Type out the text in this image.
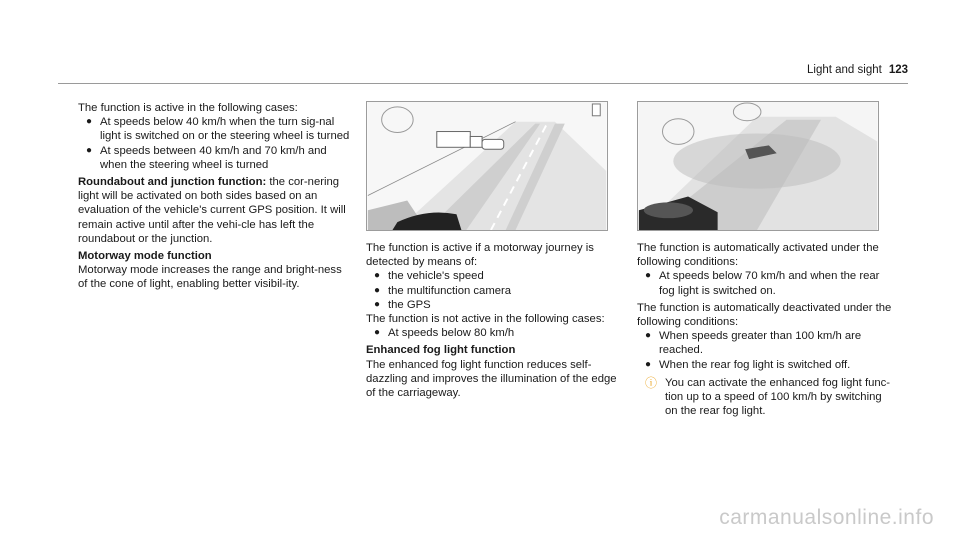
Light and sight 123

The function is active in the following cases:

● At speeds below 40 km/h when the turn sig-nal light is switched on or the steering wheel is turned
● At speeds between 40 km/h and 70 km/h and when the steering wheel is turned

Roundabout and junction function: the cor-nering light will be activated on both sides based on an evaluation of the vehicle's current GPS position. It will remain active until after the vehi-cle has left the roundabout or the junction.

Motorway mode function

Motorway mode increases the range and bright-ness of the cone of light, enabling better visibil-ity.

The function is active if a motorway journey is detected by means of:

● the vehicle's speed
● the multifunction camera
● the GPS

The function is not active in the following cases:

● At speeds below 80 km/h

Enhanced fog light function

The enhanced fog light function reduces self-dazzling and improves the illumination of the edge of the carriageway.

The function is automatically activated under the following conditions:

● At speeds below 70 km/h and when the rear fog light is switched on.

The function is automatically deactivated under the following conditions:

● When speeds greater than 100 km/h are reached.
● When the rear fog light is switched off.
ⓘ You can activate the enhanced fog light func-tion up to a speed of 100 km/h by switching on the rear fog light.
carmanualsonline.info
